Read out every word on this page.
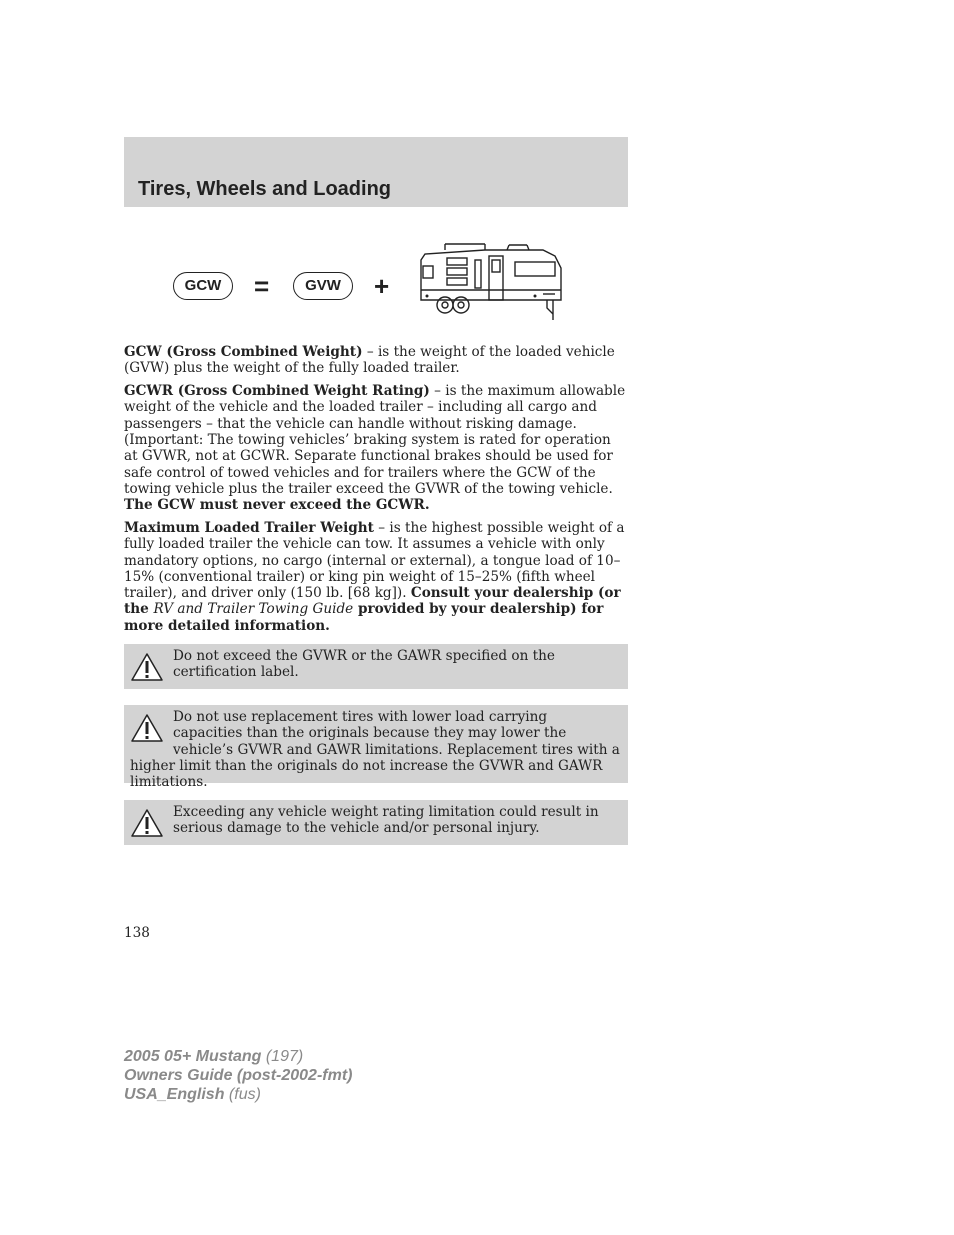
Tires, Wheels and Loading
GCW	=	GVW	+

GCW (Gross Combined Weight) – is the weight of the loaded vehicle (GVW) plus the weight of the fully loaded trailer.

GCWR (Gross Combined Weight Rating) – is the maximum allowable weight of the vehicle and the loaded trailer – including all cargo and passengers – that the vehicle can handle without risking damage. (Important: The towing vehicles’ braking system is rated for operation at GVWR, not at GCWR. Separate functional brakes should be used for safe control of towed vehicles and for trailers where the GCW of the towing vehicle plus the trailer exceed the GVWR of the towing vehicle. The GCW must never exceed the GCWR.

Maximum Loaded Trailer Weight – is the highest possible weight of a fully loaded trailer the vehicle can tow. It assumes a vehicle with only mandatory options, no cargo (internal or external), a tongue load of 10–15% (conventional trailer) or king pin weight of 15–25% (fifth wheel trailer), and driver only (150 lb. [68 kg]). Consult your dealership (or the RV and Trailer Towing Guide provided by your dealership) for more detailed information.

Do not exceed the GVWR or the GAWR specified on the certification label.
Do not use replacement tires with lower load carrying capacities than the originals because they may lower the vehicle’s GVWR and GAWR limitations. Replacement tires with a higher limit than the originals do not increase the GVWR and GAWR limitations.
Exceeding any vehicle weight rating limitation could result in serious damage to the vehicle and/or personal injury.
138
2005 05+ Mustang (197)
Owners Guide (post-2002-fmt)
USA_English (fus)
